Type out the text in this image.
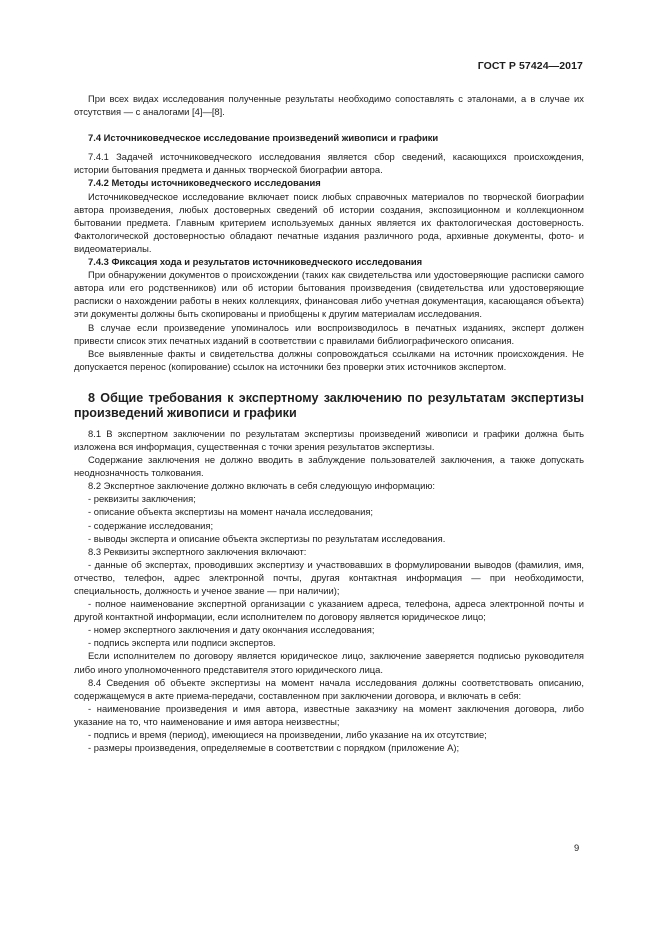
ГОСТ Р 57424—2017

При всех видах исследования полученные результаты необходимо сопоставлять с эталонами, а в случае их отсутствия — с аналогами [4]—[8].

7.4 Источниковедческое исследование произведений живописи и графики

7.4.1 Задачей источниковедческого исследования является сбор сведений, касающихся происхождения, истории бытования предмета и данных творческой биографии автора.

7.4.2 Методы источниковедческого исследования

Источниковедческое исследование включает поиск любых справочных материалов по творческой биографии автора произведения, любых достоверных сведений об истории создания, экспозиционном и коллекционном бытовании предмета. Главным критерием используемых данных является их фактологическая достоверность. Фактологической достоверностью обладают печатные издания различного рода, архивные документы, фото- и видеоматериалы.

7.4.3 Фиксация хода и результатов источниковедческого исследования

При обнаружении документов о происхождении (таких как свидетельства или удостоверяющие расписки самого автора или его родственников) или об истории бытования произведения (свидетельства или удостоверяющие расписки о нахождении работы в неких коллекциях, финансовая либо учетная документация, касающаяся объекта) эти документы должны быть скопированы и приобщены к другим материалам исследования.

В случае если произведение упоминалось или воспроизводилось в печатных изданиях, эксперт должен привести список этих печатных изданий в соответствии с правилами библиографического описания.

Все выявленные факты и свидетельства должны сопровождаться ссылками на источник происхождения. Не допускается перенос (копирование) ссылок на источники без проверки этих источников экспертом.

8 Общие требования к экспертному заключению по результатам экспертизы произведений живописи и графики

8.1 В экспертном заключении по результатам экспертизы произведений живописи и графики должна быть изложена вся информация, существенная с точки зрения результатов экспертизы.

Содержание заключения не должно вводить в заблуждение пользователей заключения, а также допускать неоднозначность толкования.

8.2 Экспертное заключение должно включать в себя следующую информацию:

- реквизиты заключения;

- описание объекта экспертизы на момент начала исследования;

- содержание исследования;

- выводы эксперта и описание объекта экспертизы по результатам исследования.

8.3 Реквизиты экспертного заключения включают:

- данные об экспертах, проводивших экспертизу и участвовавших в формулировании выводов (фамилия, имя, отчество, телефон, адрес электронной почты, другая контактная информация — при необходимости, специальность, должность и ученое звание — при наличии);

- полное наименование экспертной организации с указанием адреса, телефона, адреса электронной почты и другой контактной информации, если исполнителем по договору является юридическое лицо;

- номер экспертного заключения и дату окончания исследования;

- подпись эксперта или подписи экспертов.

Если исполнителем по договору является юридическое лицо, заключение заверяется подписью руководителя либо иного уполномоченного представителя этого юридического лица.

8.4 Сведения об объекте экспертизы на момент начала исследования должны соответствовать описанию, содержащемуся в акте приема-передачи, составленном при заключении договора, и включать в себя:

- наименование произведения и имя автора, известные заказчику на момент заключения договора, либо указание на то, что наименование и имя автора неизвестны;

- подпись и время (период), имеющиеся на произведении, либо указание на их отсутствие;

- размеры произведения, определяемые в соответствии с порядком (приложение А);

9
